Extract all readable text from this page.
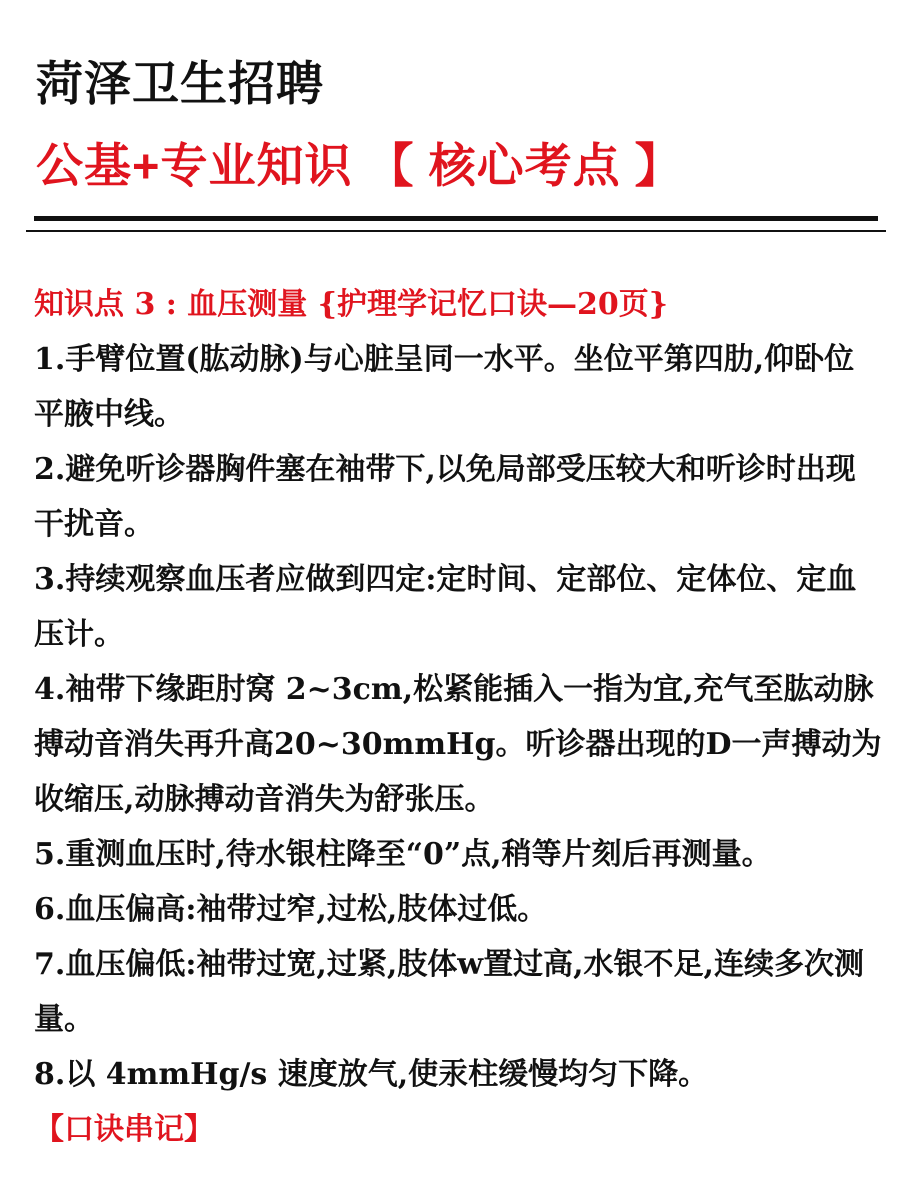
菏泽卫生招聘
公基+专业知识 【 核心考点 】

知识点 3 : 血压测量 {护理学记忆口诀—20页}

1.手臂位置(肱动脉)与心脏呈同一水平。坐位平第四肋,仰卧位平腋中线。

2.避免听诊器胸件塞在袖带下,以免局部受压较大和听诊时出现干扰音。

3.持续观察血压者应做到四定:定时间、定部位、定体位、定血压计。

4.袖带下缘距肘窝 2~3cm,松紧能插入一指为宜,充气至肱动脉搏动音消失再升高20~30mmHg。听诊器出现的D一声搏动为收缩压,动脉搏动音消失为舒张压。

5.重测血压时,待水银柱降至“0”点,稍等片刻后再测量。

6.血压偏高:袖带过窄,过松,肢体过低。

7.血压偏低:袖带过宽,过紧,肢体w置过高,水银不足,连续多次测量。

8.以 4mmHg/s 速度放气,使汞柱缓慢均匀下降。

【口诀串记】
